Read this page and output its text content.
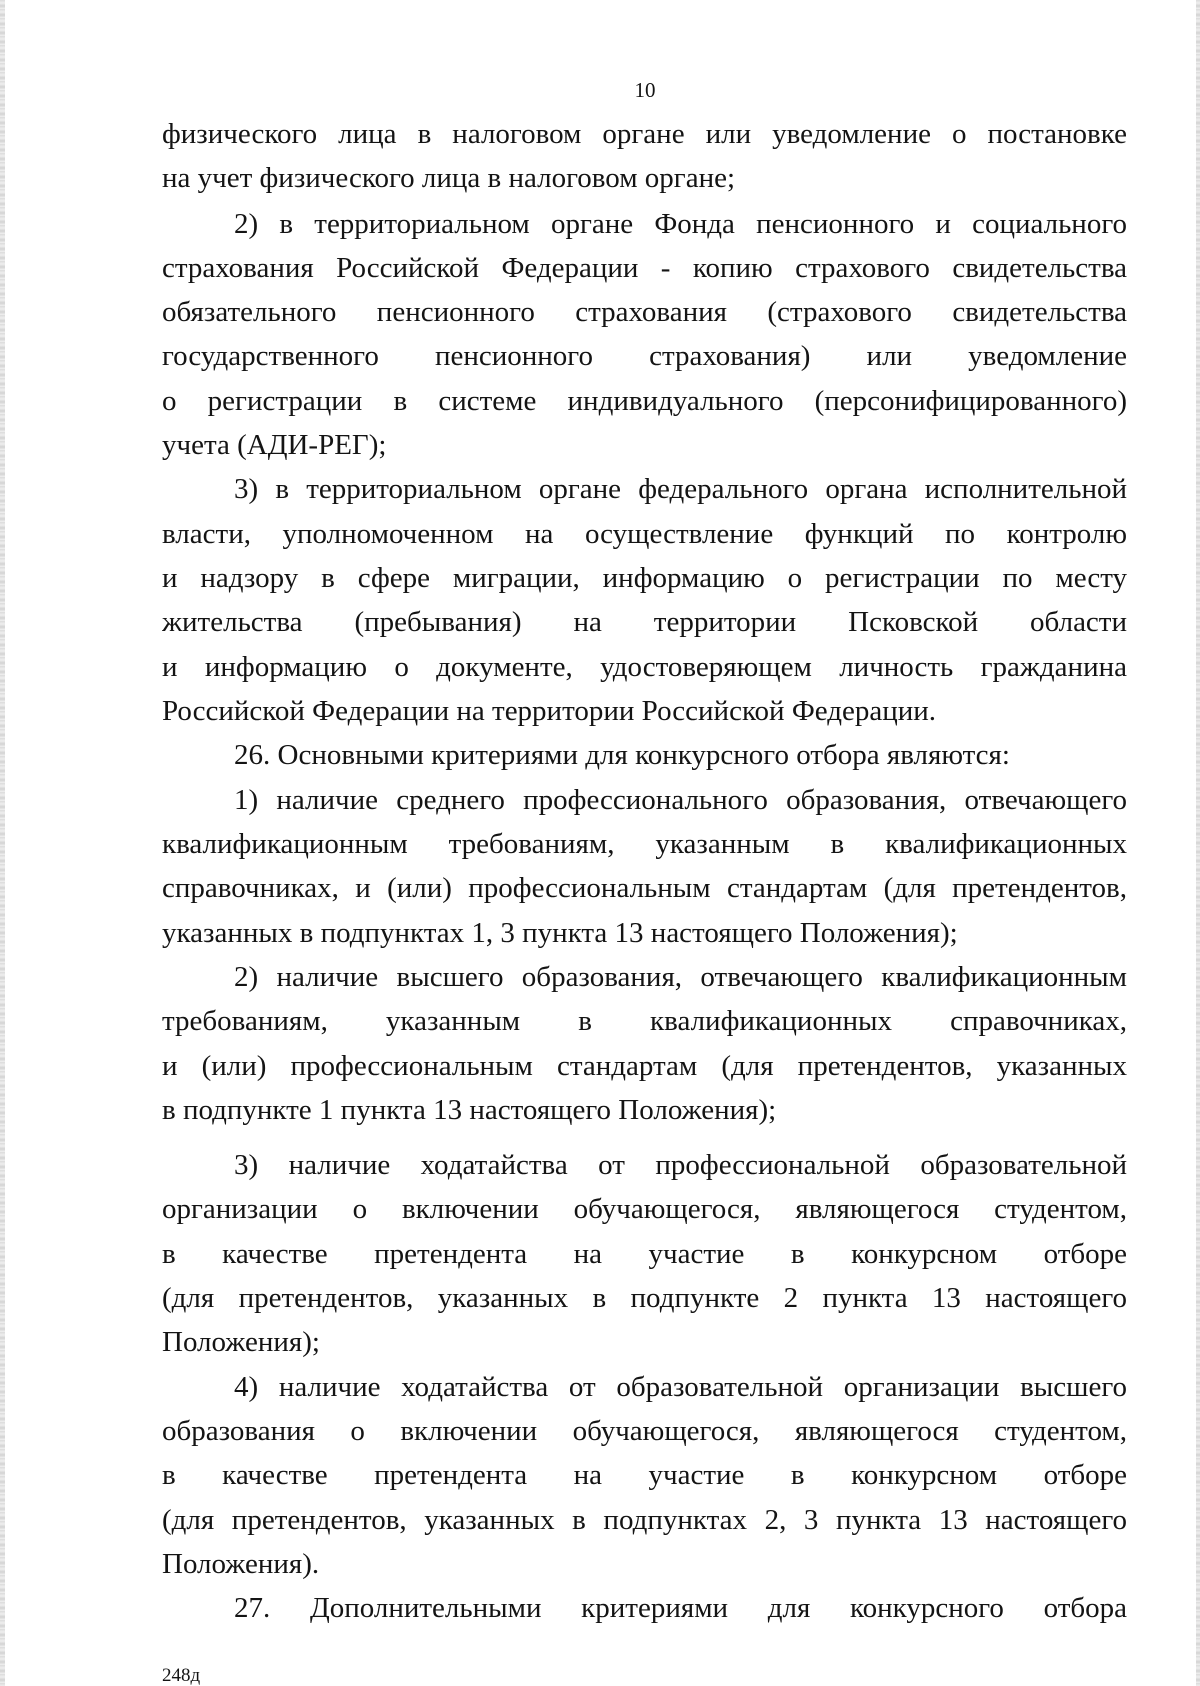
10
физического лица в налоговом органе или уведомление о постановке
на учет физического лица в налоговом органе;
2) в территориальном органе Фонда пенсионного и социального
страхования Российской Федерации - копию страхового свидетельства
обязательного пенсионного страхования (страхового свидетельства
государственного пенсионного страхования) или уведомление
о регистрации в системе индивидуального (персонифицированного)
учета (АДИ-РЕГ);
3) в территориальном органе федерального органа исполнительной
власти, уполномоченном на осуществление функций по контролю
и надзору в сфере миграции, информацию о регистрации по месту
жительства (пребывания) на территории Псковской области
и информацию о документе, удостоверяющем личность гражданина
Российской Федерации на территории Российской Федерации.
26. Основными критериями для конкурсного отбора являются:
1) наличие среднего профессионального образования, отвечающего
квалификационным требованиям, указанным в квалификационных
справочниках, и (или) профессиональным стандартам (для претендентов,
указанных в подпунктах 1, 3 пункта 13 настоящего Положения);
2) наличие высшего образования, отвечающего квалификационным
требованиям, указанным в квалификационных справочниках,
и (или) профессиональным стандартам (для претендентов, указанных
в подпункте 1 пункта 13 настоящего Положения);
3) наличие ходатайства от профессиональной образовательной
организации о включении обучающегося, являющегося студентом,
в качестве претендента на участие в конкурсном отборе
(для претендентов, указанных в подпункте 2 пункта 13 настоящего
Положения);
4) наличие ходатайства от образовательной организации высшего
образования о включении обучающегося, являющегося студентом,
в качестве претендента на участие в конкурсном отборе
(для претендентов, указанных в подпунктах 2, 3 пункта 13 настоящего
Положения).
27. Дополнительными критериями для конкурсного отбора
248д
